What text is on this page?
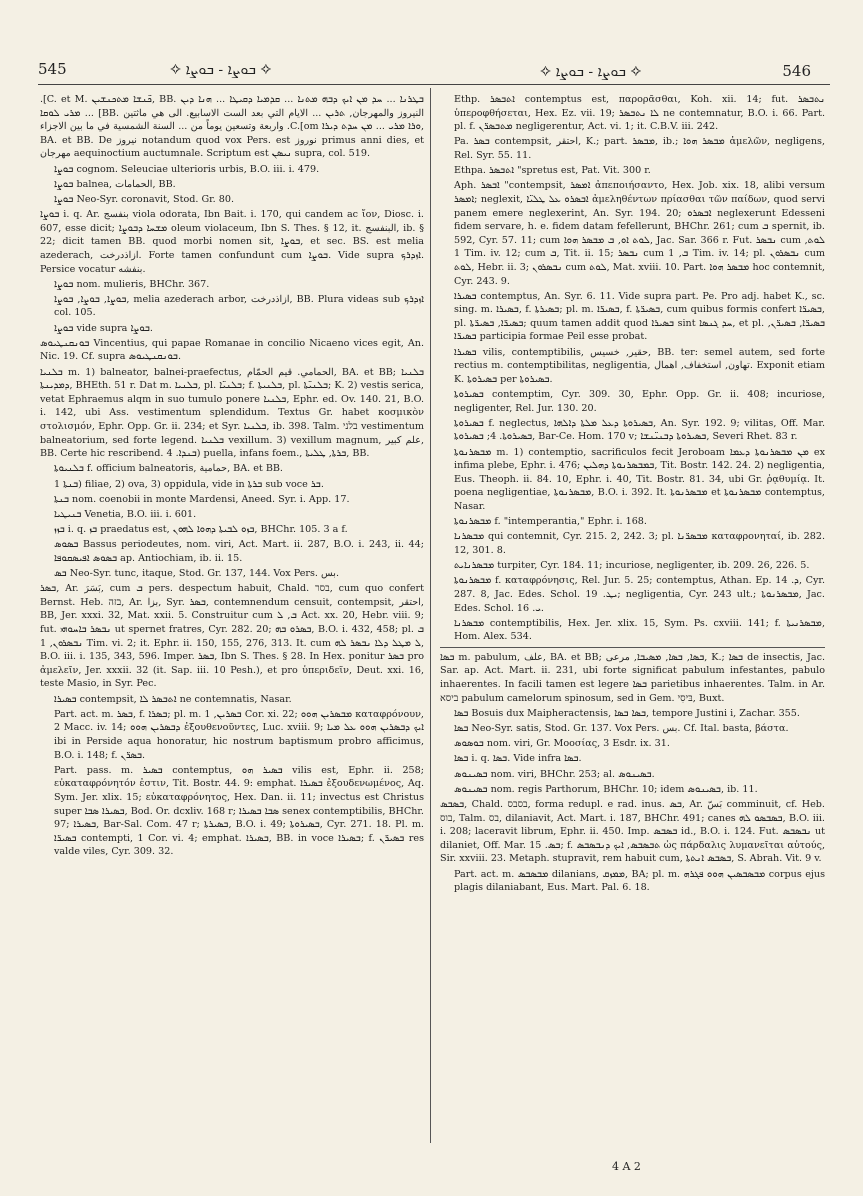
545	✧ ܒܘܨܐ - ܒܘܨܐ ✧	✧ ܒܘܨܐ - ܒܘܨܐ ✧	546

.[C. et M. ܟ̈ܢܫܐ ܡܬܟܢܫܝܢ, BB. ܒܛܪܢܐ ... ܚܕ ܡܢ ܐܝܟ ܕܒܗ ܡܬܢܐ ... ܩܕܡܝܐ ܕܩܝܛܐ ... ܗܢܐ ܕܝܢ ܡܪܝ ܠܘܩܐ ... [BB. النيروز والمهرجان, ܬܪܝܢ ... الايام التي بعد الست الاسابيع. الى هي ماثتين واربعة وتسعين يوماً من ... السنة الشمسية في ما بين الاجزاء .C.[om ܘܪܐ ܡܪܝ ... ܡܢ ܚܕܬ ܕܝܪܐ, BA. et BB. De نيروز notandum quod vox Pers. est نوروز primus anni dies, et مهرجان aequinoctium auctumnale. Scriptum est ܢܝܣܢ supra, col. 519.

ܒܘܨܐ cognom. Seleuciae ulterioris urbis, B.O. iii. i. 479.

ܒܘܨܐ balnea, الحمامات, BB.

ܒܘܨܐ Neo-Syr. coronavit, Stod. Gr. 80.

ܒܘܨܐ i. q. Ar. بنفسج viola odorata, Ibn Bait. i. 170, qui candem ac ἴον, Diosc. i. 607, esse dicit; ܡܫܚܐ ܕܒܘܨܐ oleum violaceum, Ibn S. Thes. § 12, it. البنفسج, ib. § 22; dicit tamen BB. quod morbi nomen sit, ܒܘܨܐ, et sec. BS. est melia azederach, ازاذدرخت. Forte tamen confundunt cum ܒܘܨܐ. Vide supra ܐܙܕܪܟ. Persice vocatur بنفشه.

ܒܘܨܐ nom. mulieris, BHChr. 367.

ܒܘܨܐ, ܒܘܨܐ, ܒܘܨܐ, melia azederach arbor, ازاذدرخت, BB. Plura videas sub ܐܙܕܪܟ col. 105.

ܒܘܨܐ vide supra ܒܘܨܐ.

ܒܘܢܩܢܛܝܘܣ Vincentius, qui papae Romanae in concilio Nicaeno vices egit, An. Nic. 19. Cf. supra ܒܘܢܩܢܛܝܘܣ.

ܒܠܢܝܐ m. 1) balneator, balnei-praefectus, الحمامي. قيم الحمّام, BA. et BB; ܒܠܢܝܐ ܕܡܕܝܢܬܐ, BHEth. 51 r. Dat m. ܒܠܢܝܐ, pl. ܒܠܢܝ̈ܐ; f. ܒܠܢܝܬܐ, pl. ܒܠܢܝ̈ܬܐ; K. 2) vestis serica, vetat Ephraemus alqm in suo tumulo ponere ܒܠܢܝܐ, Ephr. ed. Ov. 140. 21, B.O. i. 142, ubi Ass. vestimentum splendidum. Textus Gr. habet κοσμικὸν στολισμόν, Ephr. Opp. Gr. ii. 234; et Syr. ܒܠܢܝܐ, ib. 398. Talm. בלני vestimentum balneatorium, sed forte legend. ܒܠܢܝܐ vexillum. 3) vexillum magnum, علم كبير, BB. Certe hic rescribend. ܒܢܕܐ. 4) puella, infans foem., ܒܪܬܐ, ܛܠܝܬܐ, BB.

ܒܠܢܝܘܬܐ f. officium balneatoris, حمامية, BA. et BB.

ܒܢܬܐ 1) filiae, 2) ova, 3) oppidula, vide in ܒܪܬܐ sub voce ܒܪ.

ܒܢܬܐ nom. coenobii in monte Mardensi, Aneed. Syr. i. App. 17.

ܒܢܝܛܝܐ Venetia, B.O. iii. i. 601.

ܒܙܙ i. q. ܒܙ praedatus est, ܒܙܘ ܠܒܝܬܐ ܕܗܘܐ ܠܗܘܢ, BHChr. 105. 3 a f.

ܒܣܘܣ Bassus periodeutes, nom. viri, Act. Mart. ii. 287, B.O. i. 243, ii. 44; ܒܣܘܣ ܐܦܝܣܩܘܦܐ ap. Antiochiam, ib. ii. 15.

ܒܣ Neo-Syr. tunc, itaque, Stod. Gr. 137, 144. Vox Pers. بس.

ܒܣܪ, Ar. بَسَرَ, cum ܒ pers. despectum habuit, Chald. בסר, cum quo confert Bernst. Heb. בזה, Ar. بزا, Syr. ܒܣܪ, contemnendum censuit, contempsit, احتقر, BB, Jer. xxxi. 32, Mat. xxii. 5. Construitur cum ܒ, ܠ Act. xx. 20, Hebr. viii. 9; fut. ܢܒܣܪ ܒܐܚܘܗܝ ut spernet fratres, Cyr. 282. 20; ܒܣܪܘ ܒܗ, B.O. i. 432, 458; pl. ܒ ܢܒܣܪܘܢ, 1 Tim. vi. 2; it. Ephr. ii. 150, 155, 276, 313. It. cum ܠ ܡܛܠ ܕܠܐ ܢܒܣܪ ܠܗ, B.O. iii. i. 135, 343, 596. Imper. ܒܣܪ, Ibn S. Thes. § 28. In Hex. ponitur ܒܣܪ pro ἀμελεῖν, Jer. xxxii. 32 (it. Sap. iii. 10 Pesh.), et pro ὑπεριδεῖν, Deut. xxi. 16, teste Masio, in Syr. Pec.

ܒܣܝܪܐ contempsit, ܐܬܒܣܪ ܠܐ ne contemnatis, Nasar.

Part. act. m. ܒܣܪ, f. ܒܣܪܐ; pl. m. ܒܣܪܝܢ, 1 Cor. xi. 22; ܡܒܣܪܝܢ ܗܘܘ καταφρόνουν, 2 Macc. iv. 14; ܕܒܣܪܝܢ ܗܘܘ ἐξουθενοῦντες, Luc. xviii. 9; ܐܝܟ ܕܒܣܪܝܢ ܗܘܘ ܥܠ ܡܝܐ ibi in Perside aqua honoratur, hic nostrum baptismum probro afficimus, B.O. i. 148; f. ܒܣܪ̈ܢ.

Part. pass. m. ܒܣܝܪ contemptus, ܒܣܝܪ ܗܘ vilis est, Ephr. ii. 258; εὐκαταφρόνητόν ἐστιν, Tit. Bostr. 44. 9: emphat. ܒܣܝܪܐ ἐξουδενωμένος, Aq. Sym. Jer. xlix. 15; εὐκαταφρόνητος, Hex. Dan. ii. 11; invectus est Christus super ܒܣܝܪܐ ܣܒܐ, Bod. Or. dcxliv. 168 r; ܣܒܐ ܒܣܝܪܐ senex contemptibilis, BHChr. 97; ܒܣܝܪܐ, Bar-Sal. Com. 47 r; ܒܣܝܪܬܐ, B.O. i. 49; ܒܣܝܪܘܬܐ, Cyr. 271. 18. Pl. m. ܒܣܝܪ̈ܐ contempti, 1 Cor. vi. 4; emphat. ܒܣܝܪܐ, BB. in voce ܒܣܝܪܐ; f. ܒܣܝܪ̈ܢ res valde viles, Cyr. 309. 32.

Ethp. ܐܬܒܣܪ contemptus est, παρορᾶσθαι, Koh. xii. 14; fut. ܢܬܒܣܪ ὑπεροφθήσεται, Hex. Ez. vii. 19; ܠܐ ܢܬܒܣܪ ne contemnatur, B.O. i. 66. Part. pl. f. ܡܬܒܣܪ̈ܢ negligerentur, Act. vi. 1; it. C.B.V. iii. 242.

Pa. ܒܣܪ contempsit, احتقر, K.; part. ܡܒܣܪ, ib.; ܡܒܣܪ ܗܘܐ ἀμελῶν, negligens, Rel. Syr. 55. 11.

Ethpa. ܐܬܒܣܪ "spretus est, Pat. Vit. 300 r.

Aph. ܐܒܣܪ "contempsit, ܐܡܣܪ ἀπεποιήσαντο, Hex. Job. xix. 18, alibi versum ܐܡܣܪ; neglexit, ܐܒܣܪܘ ܥܠ ܛܠܝ̈ܐ ἀμεληθέντων πρίασθαι τῶν παίδων, quod servi panem emere neglexerint, An. Syr. 194. 20; ܐܒܣܪܘ neglexerunt Edesseni fidem servare, h. e. fidem datam fefellerunt, BHChr. 261; cum ܒ spernit, ib. 592, Cyr. 57. 11; cum ܠܘܬ ܐܘ, ܒ ܡܒܣܪ ܗܘܐ, Jac. Sar. 366 r. Fut. ܢܒܣܪ cum ܠܘܬ, 1 Tim. iv. 12; cum ܒ, Tit. ii. 15; ܢܒܣܪ cum ܒ, 1 Tim. iv. 14; pl. ܢܒܣܪܘܢ cum ܠܘܬ, Hebr. ii. 3; ܢܒܣܪܘܢ cum ܠܘܬ, Mat. xviii. 10. Part. ܡܒܣܪ ܗܘܐ hoc contemnit, Cyr. 243. 9.

ܒܣܝܪܐ contemptus, An. Syr. 6. 11. Vide supra part. Pe. Pro adj. habet K., sc. sing. m. ܒܣܝܪܐ, f. ܒܣܝܪܬܐ; pl. m. ܒܣܝܪ̈ܐ, f. ܒܣܝܪ̈ܬܐ, cum quibus formis confert ܒܣܝܪ̈ܐ, pl. ܒܣܝܪ̈ܐ, ܒܣܝܪ̈ܬܐ; quum tamen addit quod ܒܣܝܪܐ sint ܚܕ ܓܢܣܐ, et pl. ܒܣܝܪ̈ܐ, ܒܣܝܪ̈ܢ, ܒܣܝܪ̈ܐ participia formae Peil esse probat.

ܒܣܝܪܐ vilis, contemptibilis, حقير, خسيس, BB. ter: semel autem, sed forte rectius m. contemptibilitas, negligentia, تهاون, استخفاف, اهمال. Exponit etiam K. ܒܣܝܪܘܬܐ per ܒܣܝܪܘܬܐ.

ܒܣܝܪܘܬܐ contemptim, Cyr. 309. 30, Ephr. Opp. Gr. ii. 408; incuriose, negligenter, Rel. Jur. 130. 20.

ܒܣܝܪܘܬܐ f. neglectus, ܒܣܝܪܘܬܐ ܕܥܠ ܡܠܬܐ ܕܐܠܗܐ, An. Syr. 192. 9; vilitas, Off. Mar. ܒܣܝܪܘܬܐ. 4; ܒܣܝܪܘܬܐ, Bar-Ce. Hom. 170 v; ܒܣܝܪܘܬܐ ܕܒܢܝ̈ܢܫܐ, Severi Rhet. 83 r.

ܡܒܣܪܢܘܬܐ m. 1) contemptio, sacrificulos fecit Jeroboam ܡܢ ܡܒܣܪܢܘܬܐ ܕܥܡܐ ex infima plebe, Ephr. i. 476; ܒܡܒܣܪܢܘܬܐ ܕܗܠܝܢ, Tit. Bostr. 142. 24. 2) negligentia, Eus. Theoph. ii. 84. 10, Ephr. i. 40, Tit. Bostr. 81. 34, ubi Gr. ῥᾳθυμίᾳ. It. poena negligentiae, ܡܒܣܪܢܘܬܐ, B.O. i. 392. It. ܡܒܣܪܢܘܬܐ et ܡܒܣܪܢܘܬܐ contemptus, Nasar.

ܡܒܣܪܢܘܬܐ f. "intemperantia," Ephr. i. 168.

ܡܒܣܪܢܐ qui contemnit, Cyr. 215. 2, 242. 3; pl. ܡܒܣܪ̈ܢܐ καταφρονηταί, ib. 282. 12, 301. 8.

ܡܒܣܪܢܐܝܬ turpiter, Cyr. 184. 11; incuriose, negligenter, ib. 209. 26, 226. 5.

ܡܒܣܪܢܘܬܐ f. καταφρόνησις, Rel. Jur. 5. 25; contemptus, Athan. Ep. ܕ. 14, Cyr. 287. 8, Jac. Edes. Schol. ܝܛ. 19; negligentia, Cyr. 243 ult.; ܡܒܣܪܢܘܬܐ, Jac. Edes. Schol. ܝ. 16.

ܡܒܣܪܢܐ contemptibilis, Hex. Jer. xlix. 15, Sym. Ps. cxviii. 141; f. ܡܒܣܪܢܝܬܐ, Hom. Alex. 534.

ܒܣܐ m. pabulum, علف, BA. et BB; ܒܣܐ, ܒܣܐ, ܡܣܝܒܐ, مرعى, K.; ܒܣܐ de insectis, Jac. Sar. ap. Act. Mart. ii. 231, ubi forte significat pabulum infestantes, pabulo inhaerentes. In facili tamen est legere ܒܣܐ parietibus inhaerentes. Talm. in Ar. ביסא pabulum camelorum spinosum, sed in Gem. בּיסִי, Buxt.

ܒܣܐ Bosuis dux Maipheractensis, ܒܣܐ ܒܣܐ, tempore Justini i, Zachar. 355.

ܒܣܐ Neo-Syr. satis, Stod. Gr. 137. Vox Pers. بس. Cf. Ital. basta, βάστα.

ܒܘܣܘܣ nom. viri, Gr. Μοοσίας, 3 Esdr. ix. 31.

ܒܣܐ i. q. ܒܣܐ. Vide infra ܒܣܐ.

ܒܣܝܢܘܣ nom. viri, BHChr. 253; al. ܒܣܝܢܘܣ.

ܒܣܝܢܘܣ nom. regis Parthorum, BHChr. 10; idem ܒܣܝܢܘܣ, ib. 11.

ܒܣܒܣ, Chald. בסבס, forma redupl. e rad. inus. ܒܣ, Ar. بَسّ comminuit, cf. Heb. בוס, Talm. בס, dilaniavit, Act. Mart. i. 187, BHChr. 491; canes ܒܣܒܣܘ ܠܗ, B.O. iii. i. 208; laceravit librum, Ephr. ii. 450. Imp. ܒܣܒܣ id., B.O. i. 124. Fut. ܢܒܣܒܣ ut dilaniet, Off. Mar. ܒܣ. 15; f. ܬܒܣܒܣ, ܐܝܟ ܕܢܒܣܒܣ ὡς πάρδαλις λυμανεῖται αὐτούς, Sir. xxviii. 23. Metaph. stupravit, rem habuit cum, ܒܣܒܣ ܐܢܬܬܐ, S. Abrah. Vit. 9 v.

Part. act. m. ܡܒܣܒܣ dilanians, ܡܡܙܩ, BA; pl. m. ܡܒܣܒܣܝܢ ܗܘܘ ܦܓܪܗ corpus ejus plagis dilaniabant, Eus. Mart. Pal. 6. 18.

4 A 2
